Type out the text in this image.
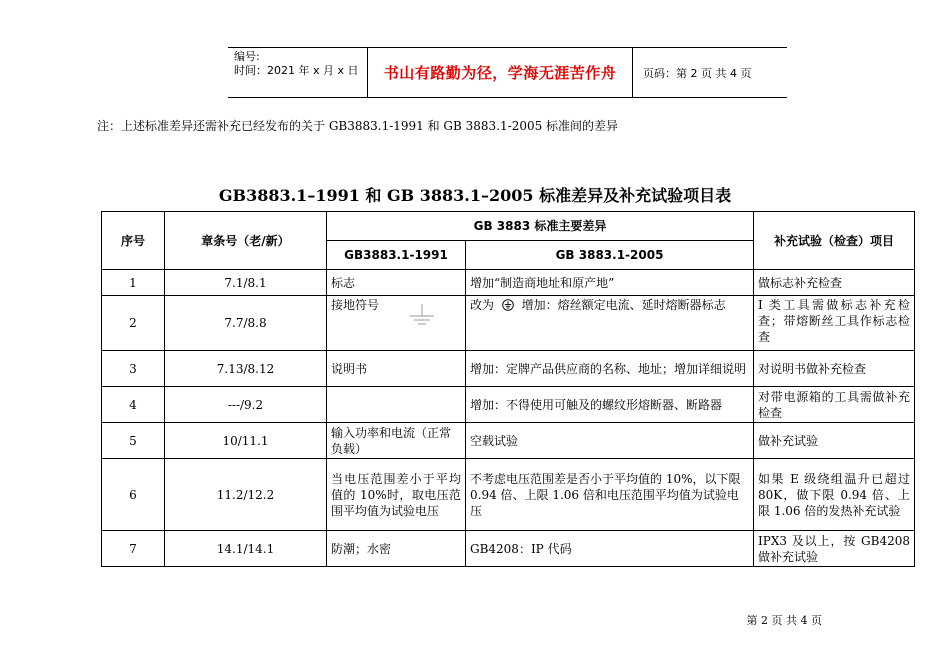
编号:
时间：2021 年 x 月 x 日	书山有路勤为径，学海无涯苦作舟	页码：第 2 页 共 4 页
注：上述标准差异还需补充已经发布的关于 GB3883.1-1991 和 GB 3883.1-2005 标准间的差异
GB3883.1–1991 和 GB 3883.1–2005 标准差异及补充试验项目表
序号	章条号（老/新）	GB 3883 标准主要差异		补充试验（检查）项目
		GB3883.1-1991	GB 3883.1-2005	
1	7.1/8.1	标志	增加“制造商地址和原产地”	做标志补充检查
2	7.7/8.8	接地符号	改为 增加：熔丝额定电流、延时熔断器标志	I 类工具需做标志补充检查；带熔断丝工具作标志检查
3	7.13/8.12	说明书	增加：定牌产品供应商的名称、地址；增加详细说明	对说明书做补充检查
4	---/9.2		增加：不得使用可触及的螺纹形熔断器、断路器	对带电源箱的工具需做补充检查
5	10/11.1	输入功率和电流（正常负载）	空载试验	做补充试验
6	11.2/12.2	当电压范围差小于平均值的 10%时，取电压范围平均值为试验电压	不考虑电压范围差是否小于平均值的 10%，以下限 0.94 倍、上限 1.06 倍和电压范围平均值为试验电压	如果 E 级绕组温升已超过 80K，做下限 0.94 倍、上限 1.06 倍的发热补充试验
7	14.1/14.1	防潮；水密	GB4208：IP 代码	IPX3 及以上，按 GB4208 做补充试验
第 2 页 共 4 页
